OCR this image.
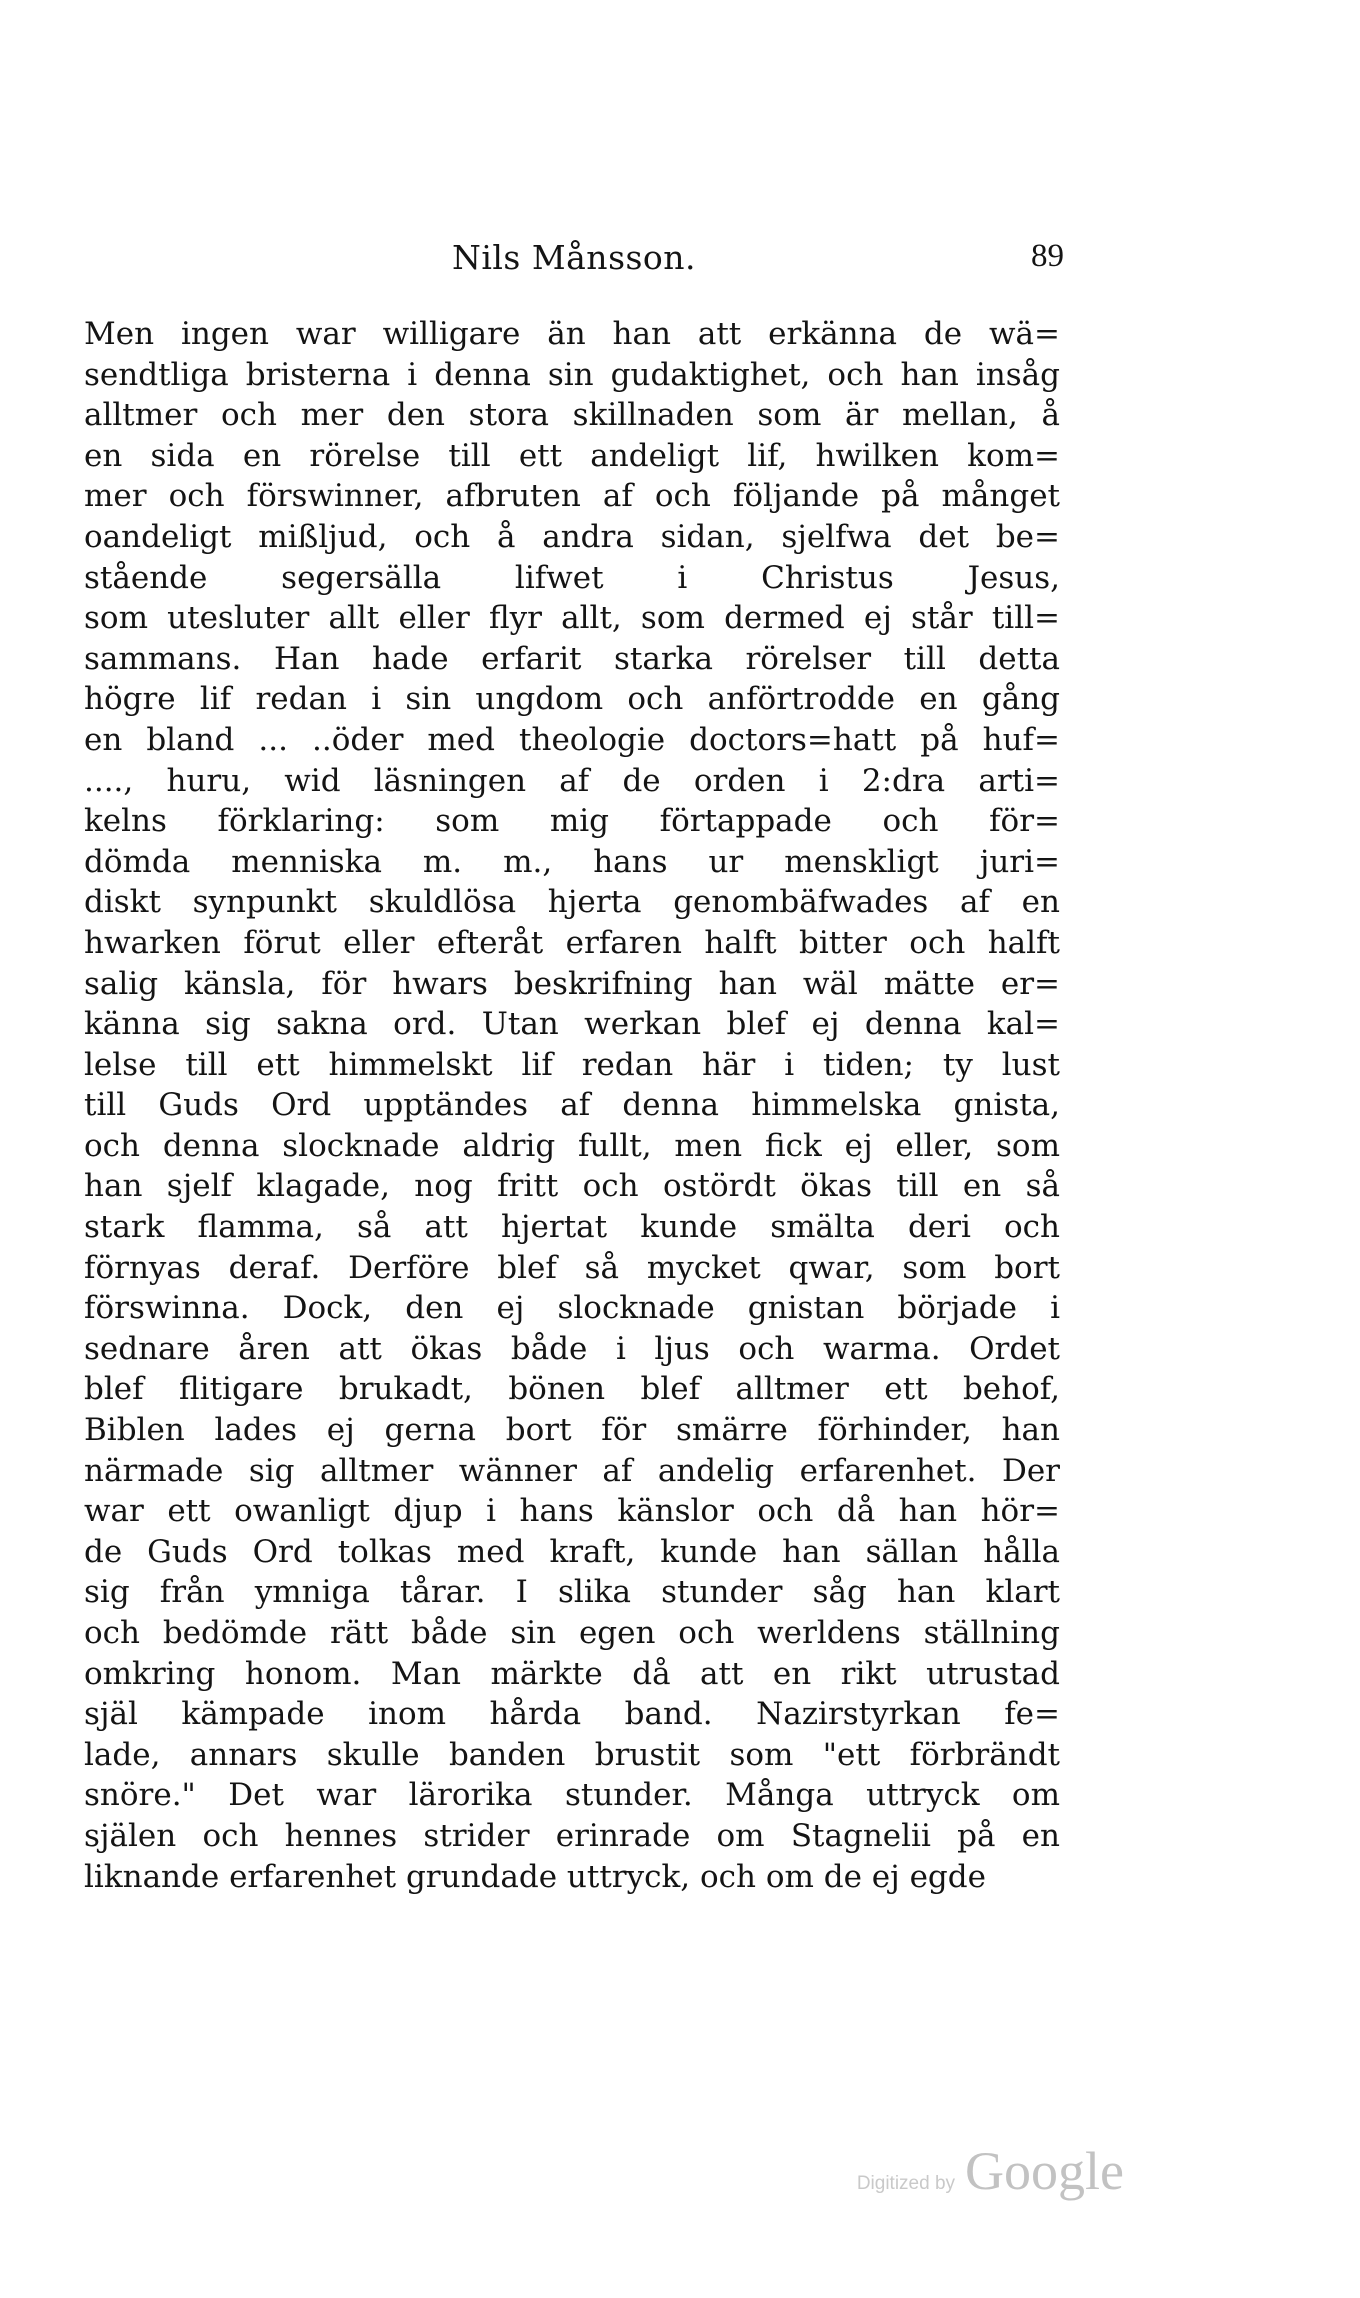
Nils Månsson.	89
Men ingen war willigare än han att erkänna de wä=
sendtliga bristerna i denna sin gudaktighet, och han insåg
alltmer och mer den stora skillnaden som är mellan, å
en sida en rörelse till ett andeligt lif, hwilken kom=
mer och förswinner, afbruten af och följande på månget
oandeligt mißljud, och å andra sidan, sjelfwa det be=
stående segersälla lifwet i Christus Jesus,
som utesluter allt eller flyr allt, som dermed ej står till=
sammans. Han hade erfarit starka rörelser till detta
högre lif redan i sin ungdom och anförtrodde en gång
en bland ... ..öder med theologie doctors=hatt på huf=
...., huru, wid läsningen af de orden i 2:dra arti=
kelns förklaring: som mig förtappade och för=
dömda menniska m. m., hans ur menskligt juri=
diskt synpunkt skuldlösa hjerta genombäfwades af en
hwarken förut eller efteråt erfaren halft bitter och halft
salig känsla, för hwars beskrifning han wäl mätte er=
känna sig sakna ord. Utan werkan blef ej denna kal=
lelse till ett himmelskt lif redan här i tiden; ty lust
till Guds Ord upptändes af denna himmelska gnista,
och denna slocknade aldrig fullt, men fick ej eller, som
han sjelf klagade, nog fritt och ostördt ökas till en så
stark flamma, så att hjertat kunde smälta deri och
förnyas deraf. Derföre blef så mycket qwar, som bort
förswinna. Dock, den ej slocknade gnistan började i
sednare åren att ökas både i ljus och warma. Ordet
blef flitigare brukadt, bönen blef alltmer ett behof,
Biblen lades ej gerna bort för smärre förhinder, han
närmade sig alltmer wänner af andelig erfarenhet. Der
war ett owanligt djup i hans känslor och då han hör=
de Guds Ord tolkas med kraft, kunde han sällan hålla
sig från ymniga tårar. I slika stunder såg han klart
och bedömde rätt både sin egen och werldens ställning
omkring honom. Man märkte då att en rikt utrustad
själ kämpade inom hårda band. Nazirstyrkan fe=
lade, annars skulle banden brustit som "ett förbrändt
snöre." Det war lärorika stunder. Många uttryck om
själen och hennes strider erinrade om Stagnelii på en
liknande erfarenhet grundade uttryck, och om de ej egde
Digitized by Google
